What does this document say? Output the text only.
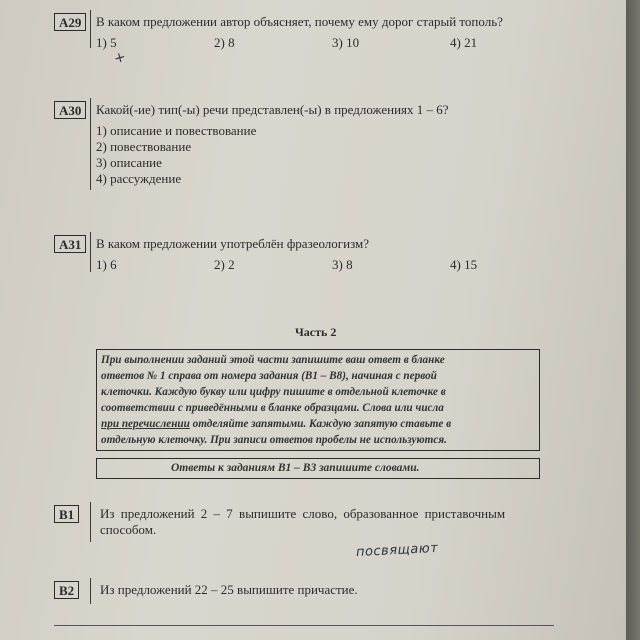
A29	В каком предложении автор объясняет, почему ему дорог старый тополь?
1) 5	2) 8	3) 10	4) 21
+
A30	Какой(-ие) тип(-ы) речи представлен(-ы) в предложениях 1 – 6?
1) описание и повествование
2) повествование
3) описание
4) рассуждение
A31	В каком предложении употреблён фразеологизм?
1) 6	2) 2	3) 8	4) 15
Часть 2
При выполнении заданий этой части запишите ваш ответ в бланке
ответов № 1 справа от номера задания (В1 – В8), начиная с первой
клеточки. Каждую букву или цифру пишите в отдельной клеточке в
соответствии с приведёнными в бланке образцами. Слова или числа
при перечислении отделяйте запятыми. Каждую запятую ставьте в
отдельную клеточку. При записи ответов пробелы не используются.
Ответы к заданиям В1 – В3 запишите словами.
B1	Из предложений 2 – 7 выпишите слово, образованное приставочным
способом.
посвящают
B2	Из предложений 22 – 25 выпишите причастие.
